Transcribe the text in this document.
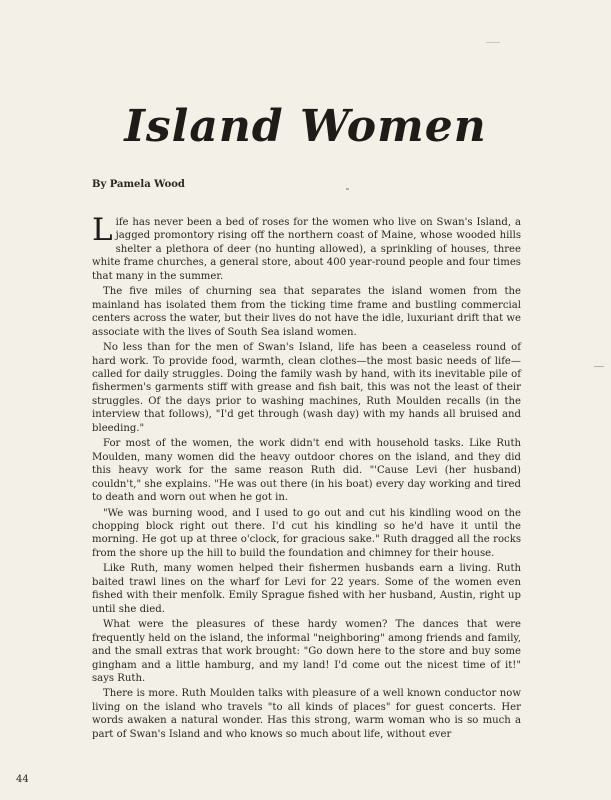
Island Women
By Pamela Wood

Life has never been a bed of roses for the women who live on Swan's Island, a jagged promontory rising off the northern coast of Maine, whose wooded hills shelter a plethora of deer (no hunting allowed), a sprinkling of houses, three white frame churches, a general store, about 400 year-round people and four times that many in the summer.

The five miles of churning sea that separates the island women from the mainland has isolated them from the ticking time frame and bustling commercial centers across the water, but their lives do not have the idle, luxuriant drift that we associate with the lives of South Sea island women.

No less than for the men of Swan's Island, life has been a ceaseless round of hard work. To provide food, warmth, clean clothes—the most basic needs of life—called for daily struggles. Doing the family wash by hand, with its inevitable pile of fishermen's garments stiff with grease and fish bait, this was not the least of their struggles. Of the days prior to washing machines, Ruth Moulden recalls (in the interview that follows), "I'd get through (wash day) with my hands all bruised and bleeding."

For most of the women, the work didn't end with household tasks. Like Ruth Moulden, many women did the heavy outdoor chores on the island, and they did this heavy work for the same reason Ruth did. "'Cause Levi (her husband) couldn't," she explains. "He was out there (in his boat) every day working and tired to death and worn out when he got in.

"We was burning wood, and I used to go out and cut his kindling wood on the chopping block right out there. I'd cut his kindling so he'd have it until the morning. He got up at three o'clock, for gracious sake." Ruth dragged all the rocks from the shore up the hill to build the foundation and chimney for their house.

Like Ruth, many women helped their fishermen husbands earn a living. Ruth baited trawl lines on the wharf for Levi for 22 years. Some of the women even fished with their menfolk. Emily Sprague fished with her husband, Austin, right up until she died.

What were the pleasures of these hardy women? The dances that were frequently held on the island, the informal "neighboring" among friends and family, and the small extras that work brought: "Go down here to the store and buy some gingham and a little hamburg, and my land! I'd come out the nicest time of it!" says Ruth.

There is more. Ruth Moulden talks with pleasure of a well known conductor now living on the island who travels "to all kinds of places" for guest concerts. Her words awaken a natural wonder. Has this strong, warm woman who is so much a part of Swan's Island and who knows so much about life, without ever

44
